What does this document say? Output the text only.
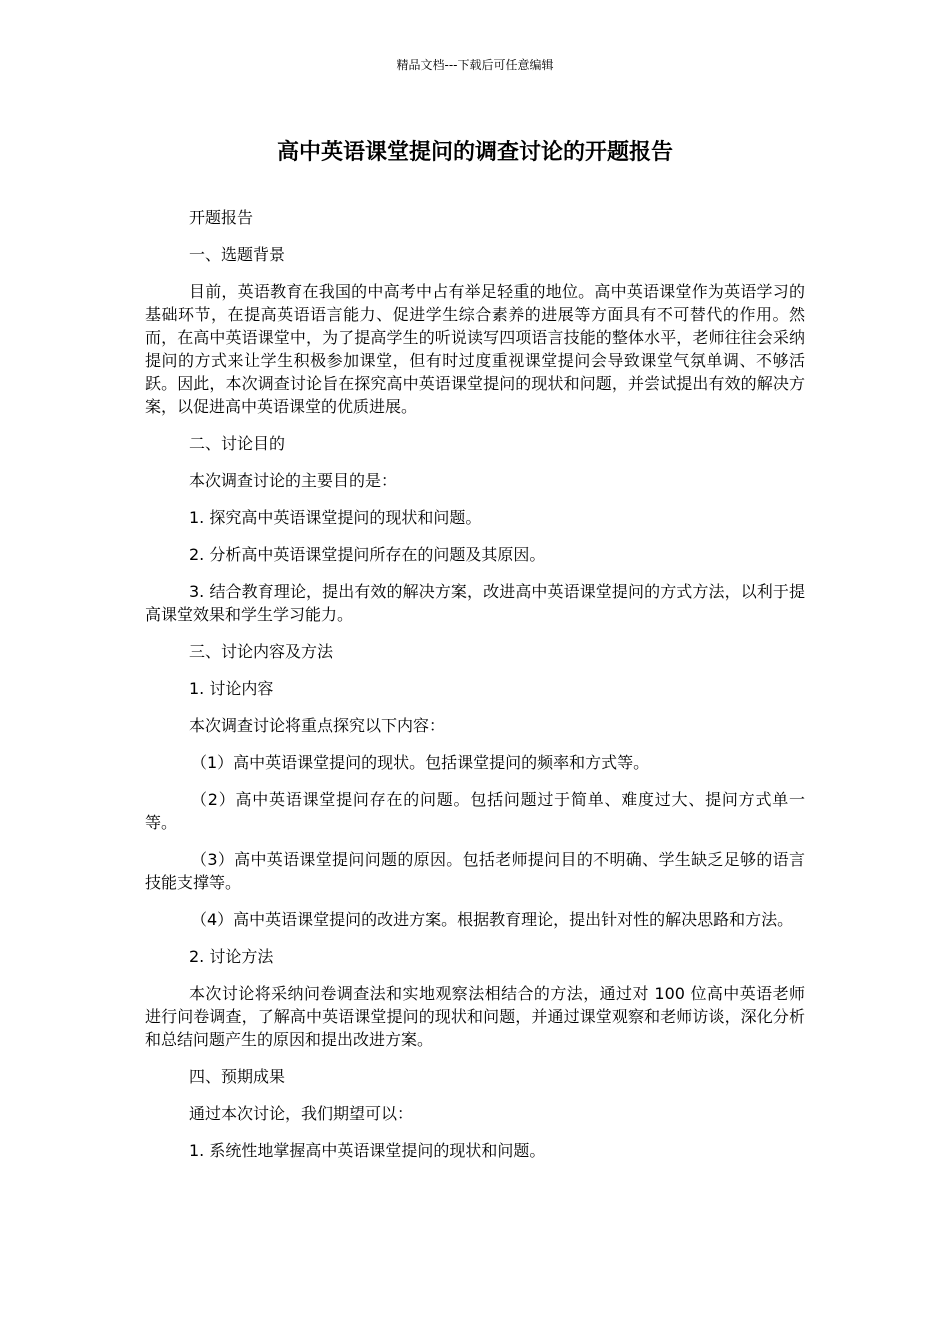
精品文档---下载后可任意编辑
高中英语课堂提问的调查讨论的开题报告

开题报告

一、选题背景

目前，英语教育在我国的中高考中占有举足轻重的地位。高中英语课堂作为英语学习的基础环节，在提高英语语言能力、促进学生综合素养的进展等方面具有不可替代的作用。然而，在高中英语课堂中，为了提高学生的听说读写四项语言技能的整体水平，老师往往会采纳提问的方式来让学生积极参加课堂，但有时过度重视课堂提问会导致课堂气氛单调、不够活跃。因此，本次调查讨论旨在探究高中英语课堂提问的现状和问题，并尝试提出有效的解决方案，以促进高中英语课堂的优质进展。

二、讨论目的

本次调查讨论的主要目的是：

1. 探究高中英语课堂提问的现状和问题。

2. 分析高中英语课堂提问所存在的问题及其原因。

3. 结合教育理论，提出有效的解决方案，改进高中英语课堂提问的方式方法，以利于提高课堂效果和学生学习能力。

三、讨论内容及方法

1. 讨论内容

本次调查讨论将重点探究以下内容：

（1）高中英语课堂提问的现状。包括课堂提问的频率和方式等。

（2）高中英语课堂提问存在的问题。包括问题过于简单、难度过大、提问方式单一等。

（3）高中英语课堂提问问题的原因。包括老师提问目的不明确、学生缺乏足够的语言技能支撑等。

（4）高中英语课堂提问的改进方案。根据教育理论，提出针对性的解决思路和方法。

2. 讨论方法

本次讨论将采纳问卷调查法和实地观察法相结合的方法，通过对 100 位高中英语老师进行问卷调查，了解高中英语课堂提问的现状和问题，并通过课堂观察和老师访谈，深化分析和总结问题产生的原因和提出改进方案。

四、预期成果

通过本次讨论，我们期望可以：

1. 系统性地掌握高中英语课堂提问的现状和问题。
